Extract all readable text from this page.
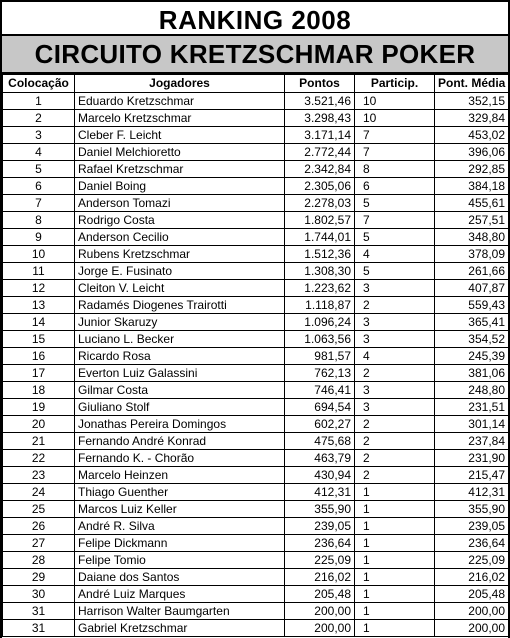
RANKING 2008
CIRCUITO KRETZSCHMAR POKER
Colocação	Jogadores	Pontos	Particip.	Pont. Média
1	Eduardo Kretzschmar	3.521,46	10	352,15
2	Marcelo Kretzschmar	3.298,43	10	329,84
3	Cleber F. Leicht	3.171,14	7	453,02
4	Daniel Melchioretto	2.772,44	7	396,06
5	Rafael Kretzschmar	2.342,84	8	292,85
6	Daniel Boing	2.305,06	6	384,18
7	Anderson Tomazi	2.278,03	5	455,61
8	Rodrigo Costa	1.802,57	7	257,51
9	Anderson Cecilio	1.744,01	5	348,80
10	Rubens Kretzschmar	1.512,36	4	378,09
11	Jorge E. Fusinato	1.308,30	5	261,66
12	Cleiton V. Leicht	1.223,62	3	407,87
13	Radamés Diogenes Trairotti	1.118,87	2	559,43
14	Junior Skaruzy	1.096,24	3	365,41
15	Luciano L. Becker	1.063,56	3	354,52
16	Ricardo Rosa	981,57	4	245,39
17	Everton Luiz Galassini	762,13	2	381,06
18	Gilmar Costa	746,41	3	248,80
19	Giuliano Stolf	694,54	3	231,51
20	Jonathas Pereira Domingos	602,27	2	301,14
21	Fernando André Konrad	475,68	2	237,84
22	Fernando K. - Chorão	463,79	2	231,90
23	Marcelo Heinzen	430,94	2	215,47
24	Thiago Guenther	412,31	1	412,31
25	Marcos Luiz Keller	355,90	1	355,90
26	André R. Silva	239,05	1	239,05
27	Felipe Dickmann	236,64	1	236,64
28	Felipe Tomio	225,09	1	225,09
29	Daiane dos Santos	216,02	1	216,02
30	André Luiz Marques	205,48	1	205,48
31	Harrison Walter Baumgarten	200,00	1	200,00
31	Gabriel Kretzschmar	200,00	1	200,00
